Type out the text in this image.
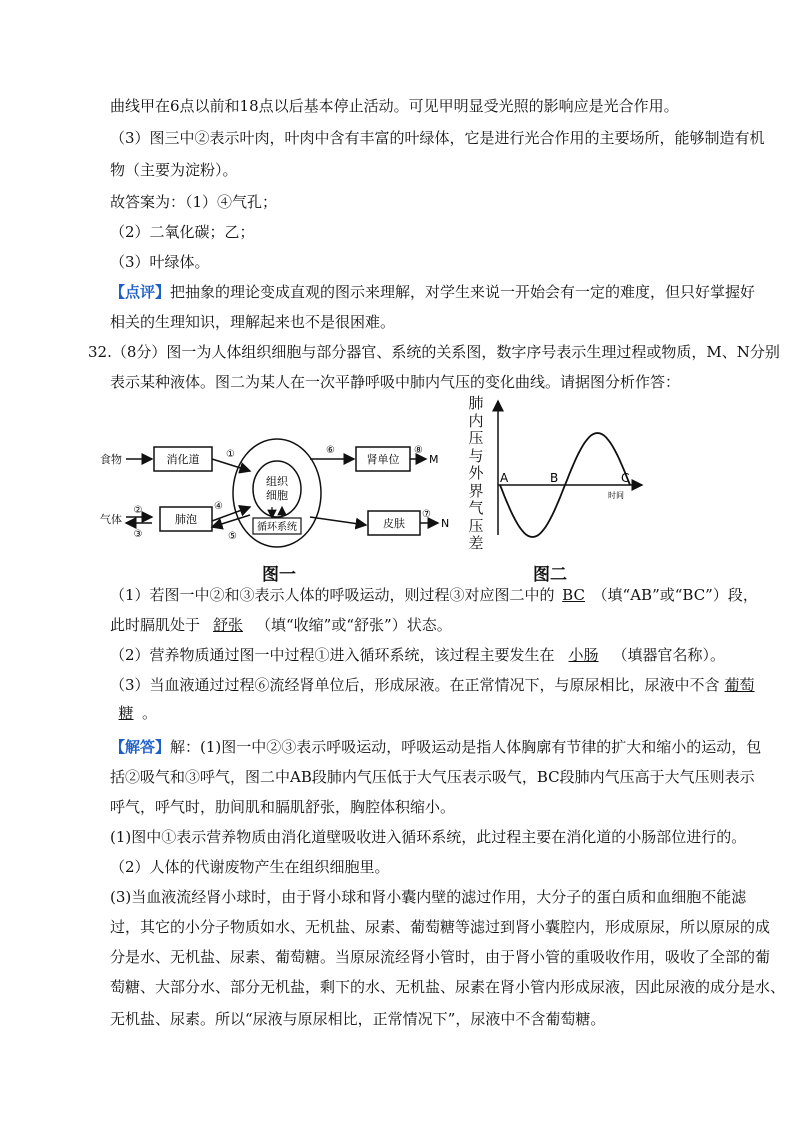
曲线甲在6点以前和18点以后基本停止活动。可见甲明显受光照的影响应是光合作用。
（3）图三中②表示叶肉，叶肉中含有丰富的叶绿体，它是进行光合作用的主要场所，能够制造有机
物（主要为淀粉）。
故答案为：（1）④气孔；
（2）二氧化碳；乙；
（3）叶绿体。
【点评】把抽象的理论变成直观的图示来理解，对学生来说一开始会有一定的难度，但只好掌握好
相关的生理知识，理解起来也不是很困难。
32.（8分）图一为人体组织细胞与部分器官、系统的关系图，数字序号表示生理过程或物质，M、N分别
表示某种液体。图二为某人在一次平静呼吸中肺内气压的变化曲线。请据图分析作答：
食物
气体
消化道
②
③
肺泡
①
④
⑤
组织
细胞
循环系统
⑥
肾单位
⑧
M
皮肤
⑦
N
图一
肺
内
压
与
外
界
气
压
差
A	B	C
时间
图二
（1）若图一中②和③表示人体的呼吸运动，则过程③对应图二中的 BC （填“AB”或“BC”）段，
此时膈肌处于 舒张 （填“收缩”或“舒张”）状态。
（2）营养物质通过图一中过程①进入循环系统，该过程主要发生在 小肠 （填器官名称）。
（3）当血液通过过程⑥流经肾单位后，形成尿液。在正常情况下，与原尿相比，尿液中不含 葡萄
糖 。
【解答】解：(1)图一中②③表示呼吸运动，呼吸运动是指人体胸廓有节律的扩大和缩小的运动，包
括②吸气和③呼气，图二中AB段肺内气压低于大气压表示吸气，BC段肺内气压高于大气压则表示
呼气，呼气时，肋间肌和膈肌舒张，胸腔体积缩小。
(1)图中①表示营养物质由消化道壁吸收进入循环系统，此过程主要在消化道的小肠部位进行的。
（2）人体的代谢废物产生在组织细胞里。
(3)当血液流经肾小球时，由于肾小球和肾小囊内壁的滤过作用，大分子的蛋白质和血细胞不能滤
过，其它的小分子物质如水、无机盐、尿素、葡萄糖等滤过到肾小囊腔内，形成原尿，所以原尿的成
分是水、无机盐、尿素、葡萄糖。当原尿流经肾小管时，由于肾小管的重吸收作用，吸收了全部的葡
萄糖、大部分水、部分无机盐，剩下的水、无机盐、尿素在肾小管内形成尿液，因此尿液的成分是水、
无机盐、尿素。所以“尿液与原尿相比，正常情况下”，尿液中不含葡萄糖。
